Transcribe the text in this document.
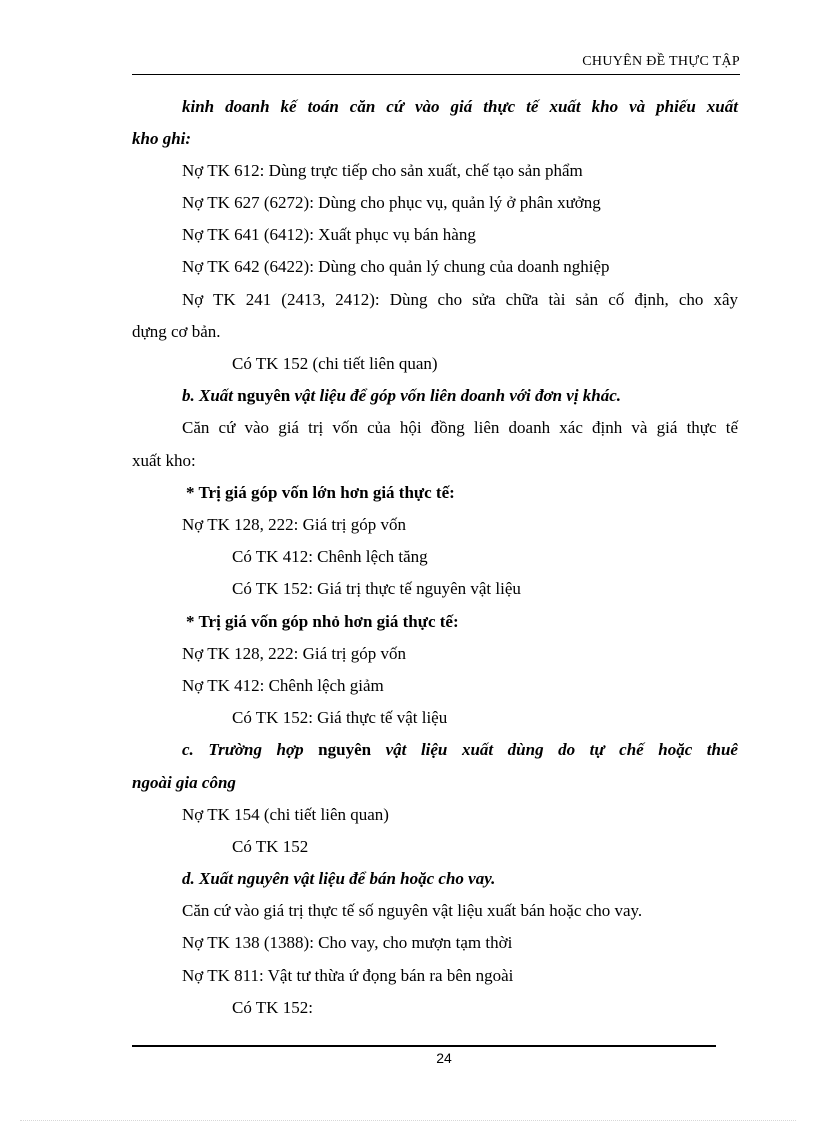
CHUYÊN ĐỀ THỰC TẬP
kinh doanh kế toán căn cứ vào giá thực tế xuất kho và phiếu xuất
kho ghi:
Nợ TK 612: Dùng trực tiếp cho sản xuất, chế tạo sản phẩm
Nợ TK 627 (6272): Dùng cho phục vụ, quản lý ở phân xưởng
Nợ TK 641 (6412): Xuất phục vụ bán hàng
Nợ TK 642 (6422): Dùng cho quản lý chung của doanh nghiệp
Nợ TK 241 (2413, 2412): Dùng cho sửa chữa tài sản cố định, cho xây
dựng cơ bản.
Có TK 152 (chi tiết liên quan)
b. Xuất nguyên vật liệu để góp vốn liên doanh với đơn vị khác.
Căn cứ vào giá trị vốn của hội đồng liên doanh xác định và giá thực tế
xuất kho:
* Trị giá góp vốn lớn hơn giá thực tế:
Nợ TK 128, 222: Giá trị góp vốn
Có TK 412: Chênh lệch tăng
Có TK 152: Giá trị thực tế nguyên vật liệu
* Trị giá vốn góp nhỏ hơn giá thực tế:
Nợ TK 128, 222: Giá trị góp vốn
Nợ TK 412: Chênh lệch giảm
Có TK 152: Giá thực tế vật liệu
c. Trường hợp nguyên vật liệu xuất dùng do tự chế hoặc thuê
ngoài gia công
Nợ TK 154 (chi tiết liên quan)
Có TK 152
d. Xuất nguyên vật liệu để bán hoặc cho vay.
Căn cứ vào giá trị thực tế số nguyên vật liệu xuất bán hoặc cho vay.
Nợ TK 138 (1388): Cho vay, cho mượn tạm thời
Nợ TK 811: Vật tư thừa ứ đọng bán ra bên ngoài
Có TK 152:
24
